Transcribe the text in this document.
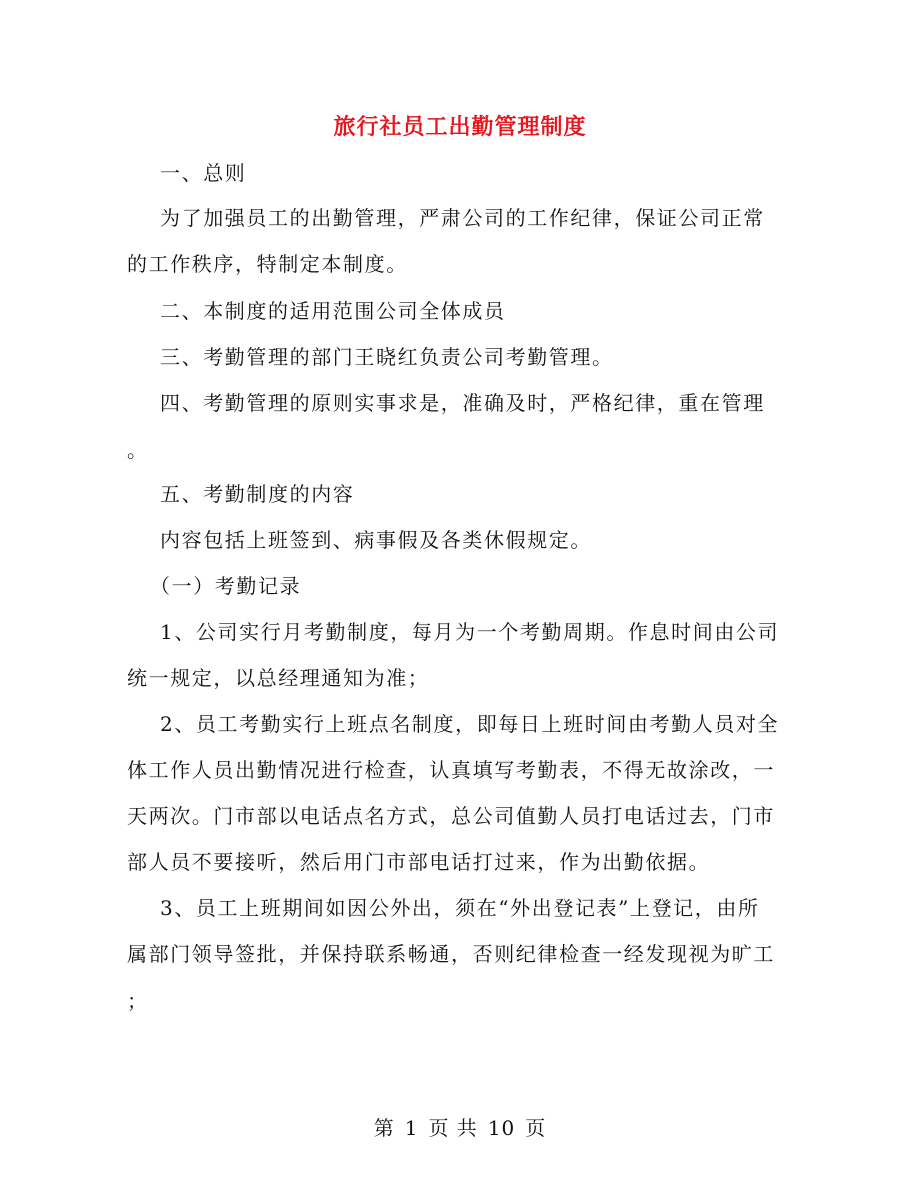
旅行社员工出勤管理制度
一、总则
为了加强员工的出勤管理，严肃公司的工作纪律，保证公司正常
的工作秩序，特制定本制度。
二、本制度的适用范围公司全体成员
三、考勤管理的部门王晓红负责公司考勤管理。
四、考勤管理的原则实事求是，准确及时，严格纪律，重在管理
。
五、考勤制度的内容
内容包括上班签到、病事假及各类休假规定。
（一）考勤记录
1、公司实行月考勤制度，每月为一个考勤周期。作息时间由公司
统一规定，以总经理通知为准；
2、员工考勤实行上班点名制度，即每日上班时间由考勤人员对全
体工作人员出勤情况进行检查，认真填写考勤表，不得无故涂改，一
天两次。门市部以电话点名方式，总公司值勤人员打电话过去，门市
部人员不要接听，然后用门市部电话打过来，作为出勤依据。
3、员工上班期间如因公外出，须在“外出登记表”上登记，由所
属部门领导签批，并保持联系畅通，否则纪律检查一经发现视为旷工
；
第 1 页 共 10 页
